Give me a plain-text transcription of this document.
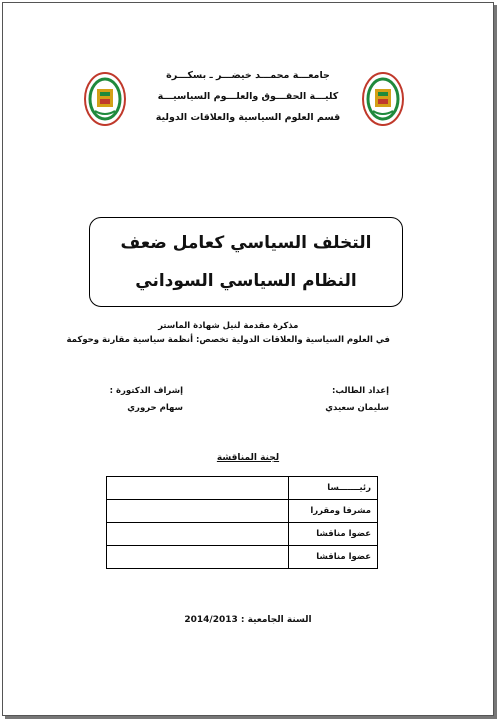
جامعـــة محمـــد خيضـــر ـ بسكـــرة
كليـــة الحقـــوق والعلـــوم السياسيـــة
قسم العلوم السياسية والعلاقات الدولية
التخلف السياسي كعامل ضعف
النظام السياسي السوداني
مذكرة مقدمة لنيل شهادة الماستر
في العلوم السياسية والعلاقات الدولية تخصص: أنظمة سياسية مقارنة وحوكمة
إعداد الطالب:
سليمان سعيدي
إشراف الدكتورة :
سهام حروري
لجنة المناقشة
رئيـــــــسا	
مشرفا ومقررا	
عضوا مناقشا	
عضوا مناقشا	
السنة الجامعية : 2014/2013
